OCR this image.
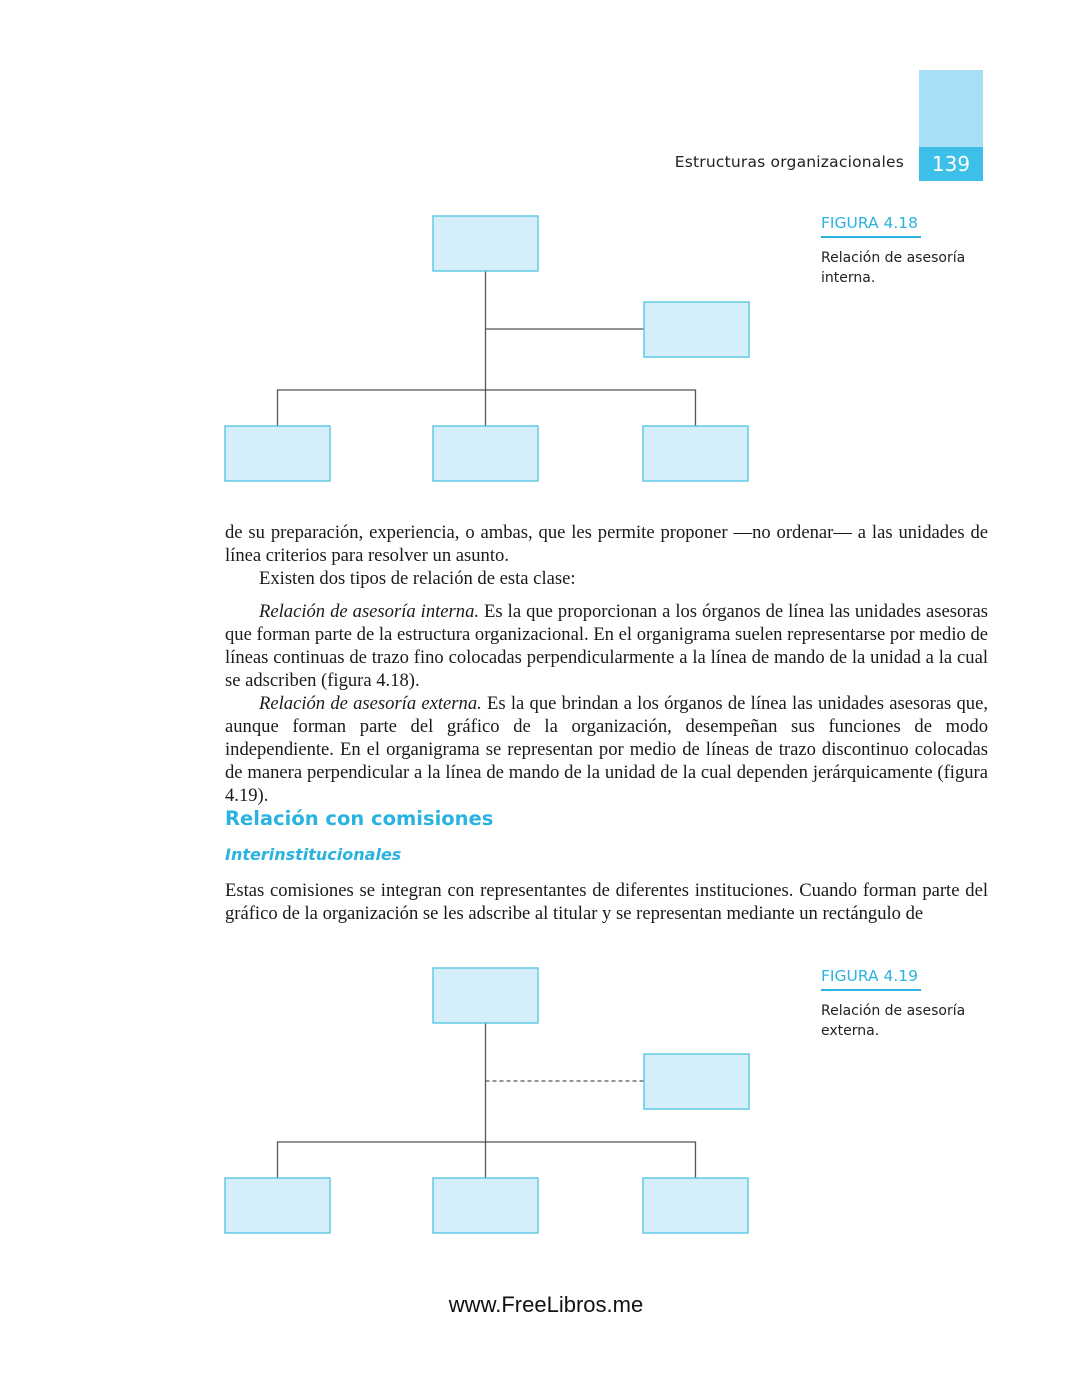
139
Estructuras organizacionales
FIGURA 4.18
Relación de asesoría interna.

de su preparación, experiencia, o ambas, que les permite proponer —no ordenar— a las unidades de línea criterios para resolver un asunto.

Existen dos tipos de relación de esta clase:

Relación de asesoría interna. Es la que proporcionan a los órganos de línea las unidades asesoras que forman parte de la estructura organizacional. En el organigrama suelen representarse por medio de líneas continuas de trazo fino colocadas perpendicularmente a la línea de mando de la unidad a la cual se adscriben (figura 4.18).

Relación de asesoría externa. Es la que brindan a los órganos de línea las unidades asesoras que, aunque forman parte del gráfico de la organización, desempeñan sus funciones de modo independiente. En el organigrama se representan por medio de líneas de trazo discontinuo colocadas de manera perpendicular a la línea de mando de la unidad de la cual dependen jerárquicamente (figura 4.19).

Relación con comisiones
Interinstitucionales

Estas comisiones se integran con representantes de diferentes instituciones. Cuando forman parte del gráfico de la organización se les adscribe al titular y se representan mediante un rectángulo de

FIGURA 4.19
Relación de asesoría externa.
www.FreeLibros.me
